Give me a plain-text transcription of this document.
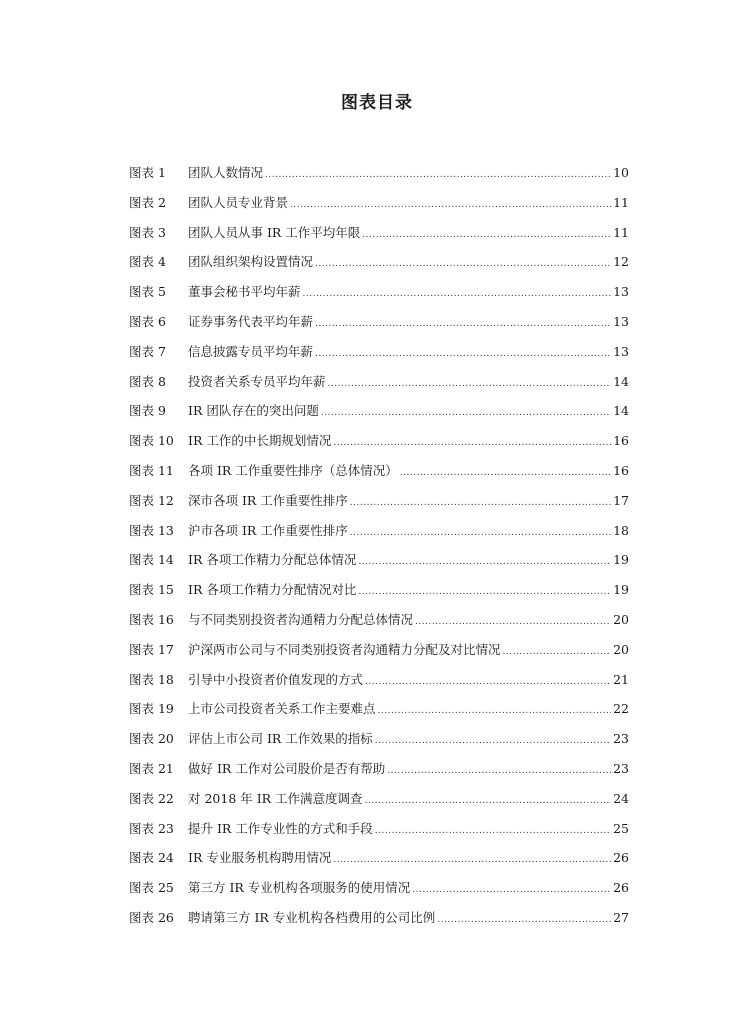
图表目录
图表 1	团队人数情况 .....	10
图表 2	团队人员专业背景 .....	11
图表 3	团队人员从事 IR 工作平均年限 .....	11
图表 4	团队组织架构设置情况 .....	12
图表 5	董事会秘书平均年薪 .....	13
图表 6	证券事务代表平均年薪 .....	13
图表 7	信息披露专员平均年薪 .....	13
图表 8	投资者关系专员平均年薪 .....	14
图表 9	IR 团队存在的突出问题 .....	14
图表 10	IR 工作的中长期规划情况 .....	16
图表 11	各项 IR 工作重要性排序（总体情况） .....	16
图表 12	深市各项 IR 工作重要性排序 .....	17
图表 13	沪市各项 IR 工作重要性排序 .....	18
图表 14	IR 各项工作精力分配总体情况 .....	19
图表 15	IR 各项工作精力分配情况对比 .....	19
图表 16	与不同类别投资者沟通精力分配总体情况 .....	20
图表 17	沪深两市公司与不同类别投资者沟通精力分配及对比情况 .....	20
图表 18	引导中小投资者价值发现的方式 .....	21
图表 19	上市公司投资者关系工作主要难点 .....	22
图表 20	评估上市公司 IR 工作效果的指标 .....	23
图表 21	做好 IR 工作对公司股价是否有帮助 .....	23
图表 22	对 2018 年 IR 工作满意度调查 .....	24
图表 23	提升 IR 工作专业性的方式和手段 .....	25
图表 24	IR 专业服务机构聘用情况 .....	26
图表 25	第三方 IR 专业机构各项服务的使用情况 .....	26
图表 26	聘请第三方 IR 专业机构各档费用的公司比例 .....	27
